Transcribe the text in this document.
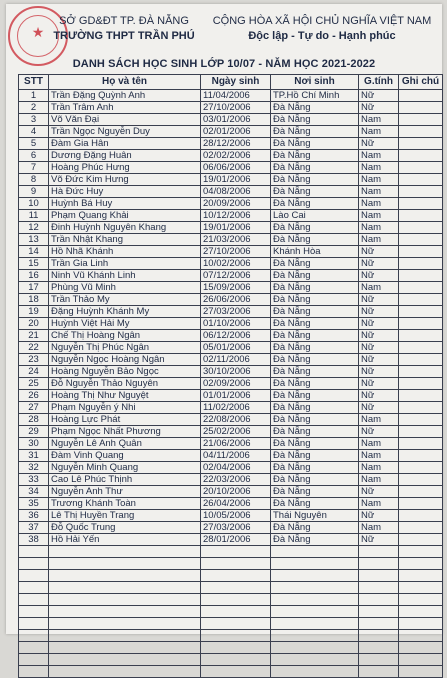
★
SỞ GD&ĐT TP. ĐÀ NẴNG
TRƯỜNG THPT TRẦN PHÚ
CỘNG HÒA XÃ HỘI CHỦ NGHĨA VIỆT NAM
Độc lập - Tự do - Hạnh phúc
DANH SÁCH HỌC SINH LỚP 10/07 - NĂM HỌC 2021-2022
STT	Họ và tên	Ngày sinh	Nơi sinh	G.tính	Ghi chú
1	Trần Đặng Quỳnh Anh	11/04/2006	TP.Hồ Chí Minh	Nữ	
2	Trần Trâm Anh	27/10/2006	Đà Nẵng	Nữ	
3	Võ Văn Đại	03/01/2006	Đà Nẵng	Nam	
4	Trần Ngọc Nguyễn Duy	02/01/2006	Đà Nẵng	Nam	
5	Đàm Gia Hân	28/12/2006	Đà Nẵng	Nữ	
6	Dương Đặng Huân	02/02/2006	Đà Nẵng	Nam	
7	Hoàng Phúc Hưng	06/06/2006	Đà Nẵng	Nam	
8	Võ Đức Kim Hưng	19/01/2006	Đà Nẵng	Nam	
9	Hà Đức Huy	04/08/2006	Đà Nẵng	Nam	
10	Huỳnh Bá Huy	20/09/2006	Đà Nẵng	Nam	
11	Phạm Quang Khải	10/12/2006	Lào Cai	Nam	
12	Đinh Huỳnh Nguyên Khang	19/01/2006	Đà Nẵng	Nam	
13	Trần Nhật Khang	21/03/2006	Đà Nẵng	Nam	
14	Hồ Nhã Khánh	27/10/2006	Khánh Hòa	Nữ	
15	Trần Gia Linh	10/02/2006	Đà Nẵng	Nữ	
16	Ninh Vũ Khánh Linh	07/12/2006	Đà Nẵng	Nữ	
17	Phùng Vũ Minh	15/09/2006	Đà Nẵng	Nam	
18	Trần Thảo My	26/06/2006	Đà Nẵng	Nữ	
19	Đặng Huỳnh Khánh My	27/03/2006	Đà Nẵng	Nữ	
20	Huỳnh Việt Hải My	01/10/2006	Đà Nẵng	Nữ	
21	Chế Thị Hoàng Ngân	06/12/2006	Đà Nẵng	Nữ	
22	Nguyễn Thị Phúc Ngân	05/01/2006	Đà Nẵng	Nữ	
23	Nguyễn Ngọc Hoàng Ngân	02/11/2006	Đà Nẵng	Nữ	
24	Hoàng Nguyễn Bảo Ngọc	30/10/2006	Đà Nẵng	Nữ	
25	Đỗ Nguyễn Thảo Nguyên	02/09/2006	Đà Nẵng	Nữ	
26	Hoàng Thị Như Nguyệt	01/01/2006	Đà Nẵng	Nữ	
27	Phạm Nguyễn ý Nhi	11/02/2006	Đà Nẵng	Nữ	
28	Hoàng Lực Phát	22/08/2006	Đà Nẵng	Nam	
29	Phạm Ngọc Nhất Phương	25/02/2006	Đà Nẵng	Nữ	
30	Nguyễn Lê Anh Quân	21/06/2006	Đà Nẵng	Nam	
31	Đàm Vinh Quang	04/11/2006	Đà Nẵng	Nam	
32	Nguyễn Minh Quang	02/04/2006	Đà Nẵng	Nam	
33	Cao Lê Phúc Thịnh	22/03/2006	Đà Nẵng	Nam	
34	Nguyễn Anh Thư	20/10/2006	Đà Nẵng	Nữ	
35	Trương Khánh Toàn	26/04/2006	Đà Nẵng	Nam	
36	Lê Thị Huyền Trang	10/05/2006	Thái Nguyên	Nữ	
37	Đỗ Quốc Trung	27/03/2006	Đà Nẵng	Nam	
38	Hồ Hải Yến	28/01/2006	Đà Nẵng	Nữ	
